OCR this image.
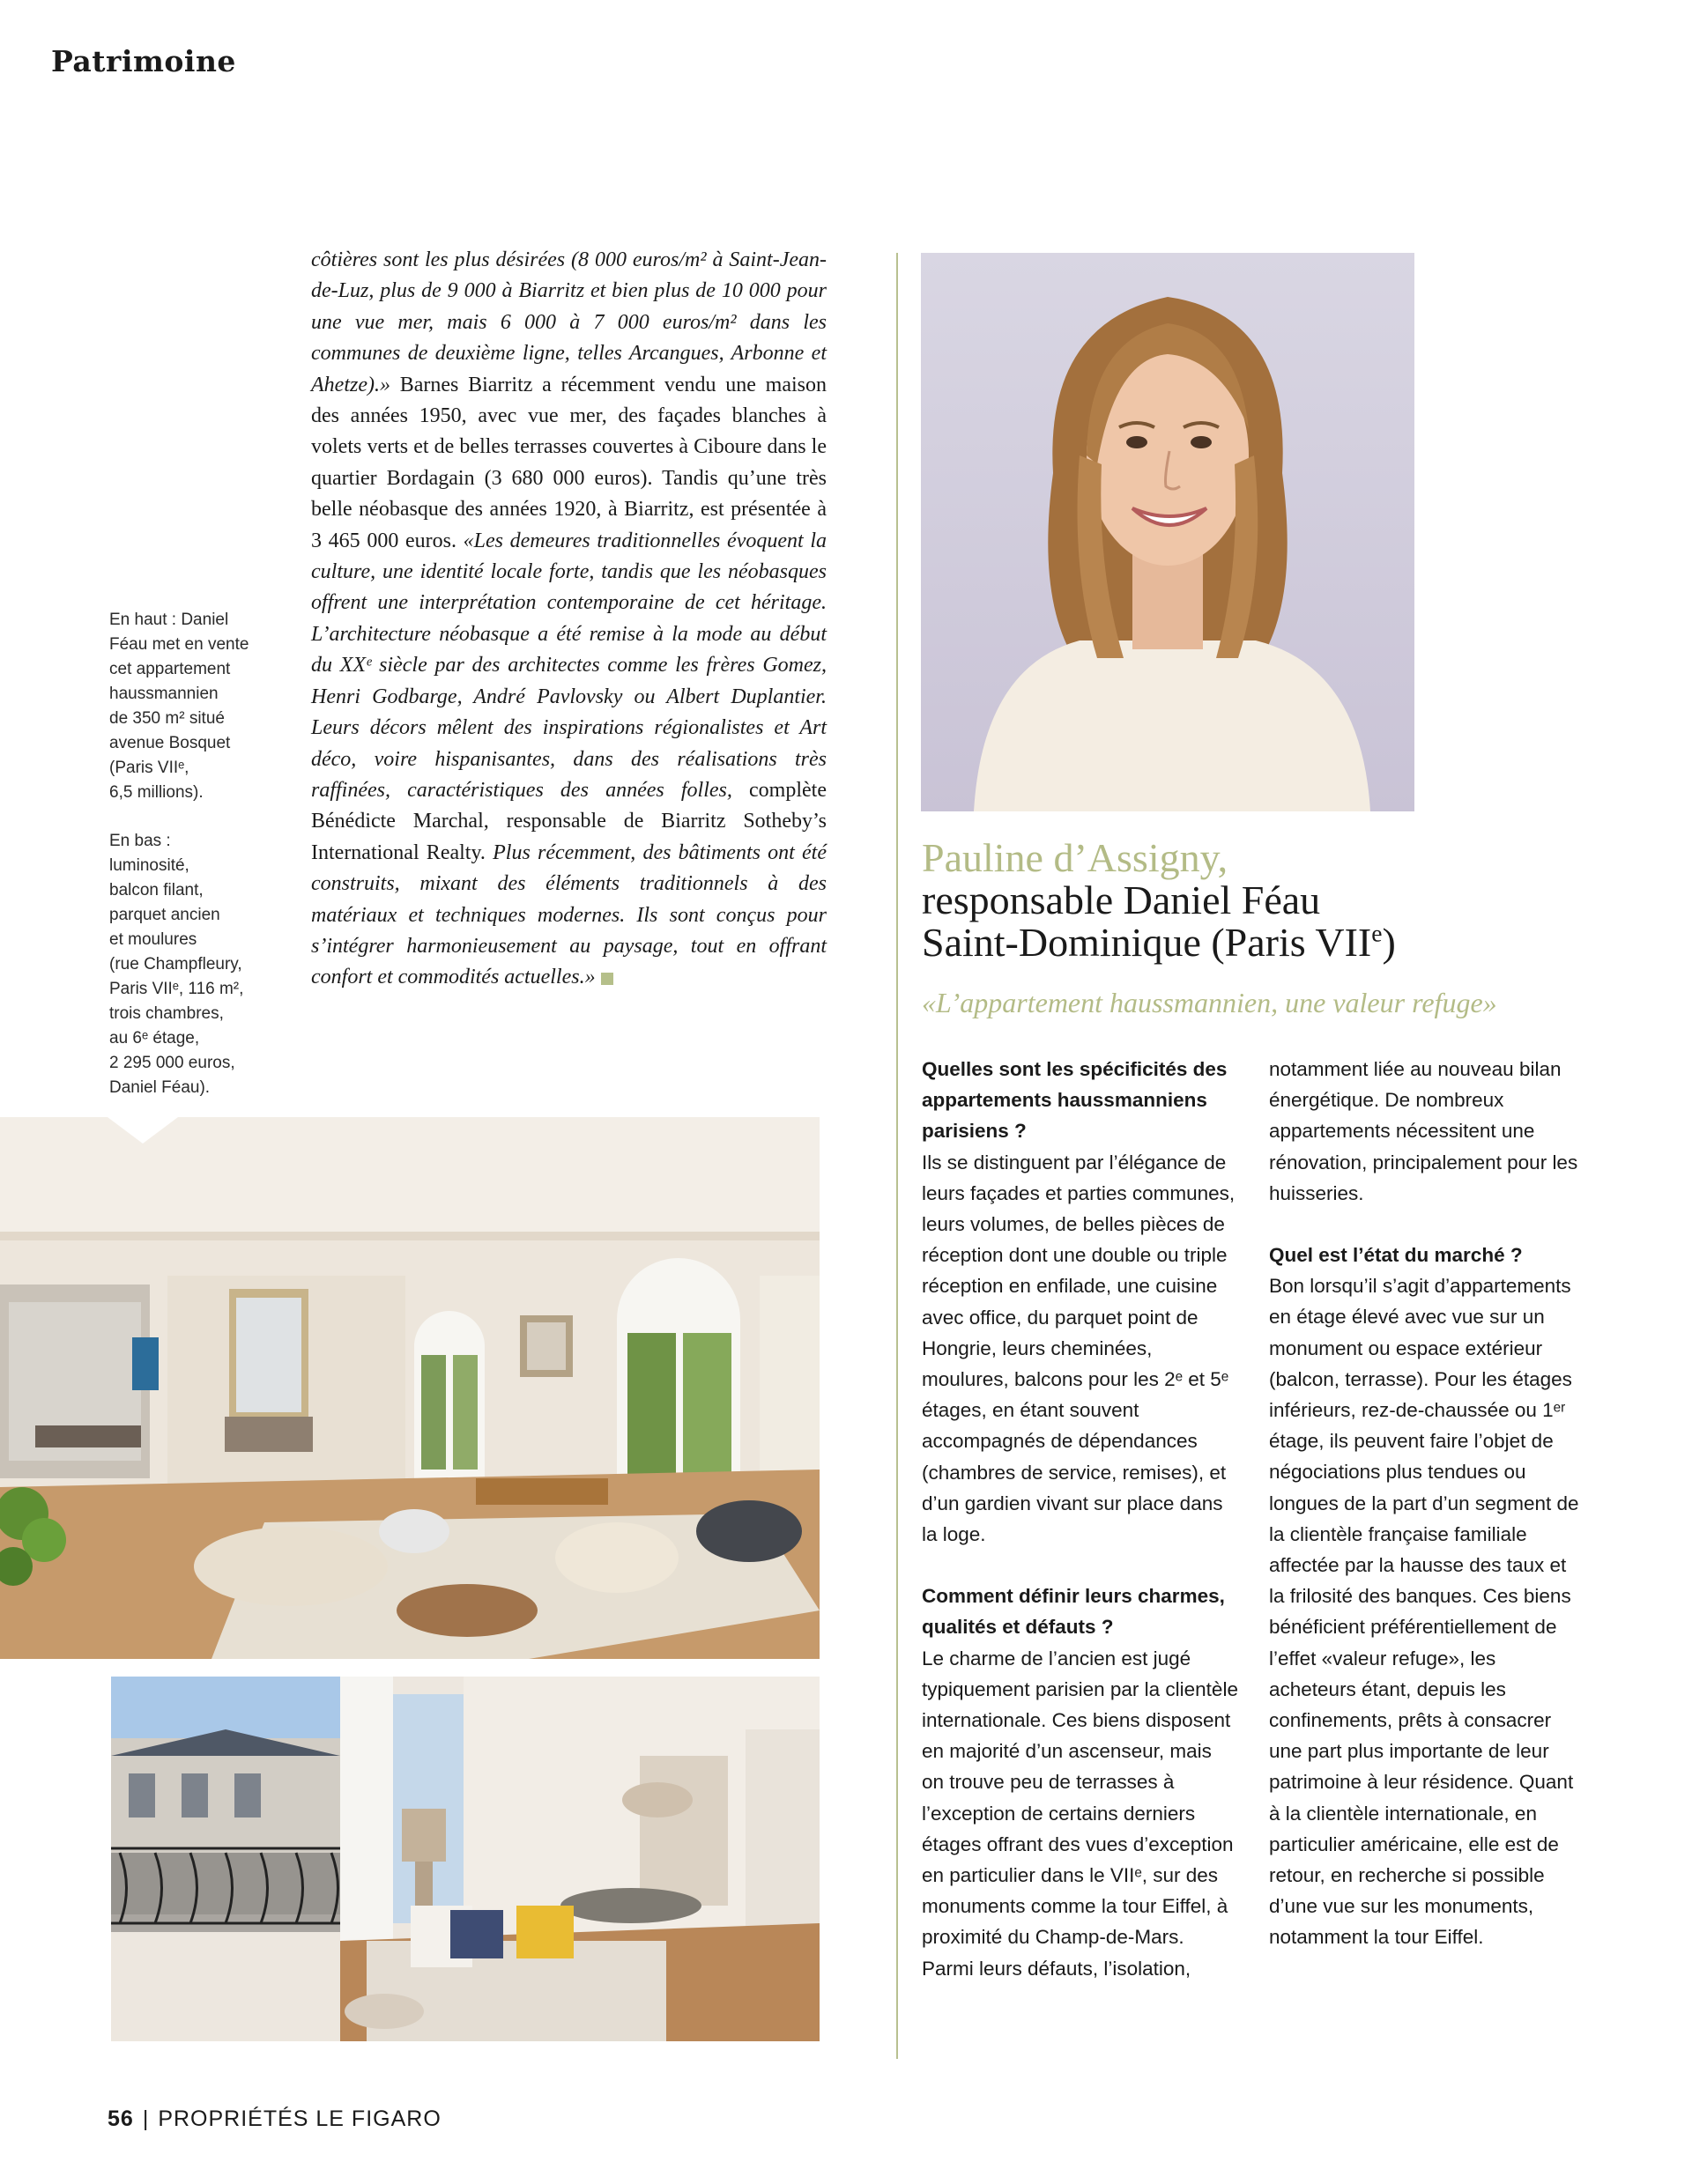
Patrimoine

côtières sont les plus désirées (8 000 euros/m² à Saint-Jean-de-Luz, plus de 9 000 à Biarritz et bien plus de 10 000 pour une vue mer, mais 6 000 à 7 000 euros/m² dans les communes de deuxième ligne, telles Arcangues, Arbonne et Ahetze).» Barnes Biarritz a récemment vendu une maison des années 1950, avec vue mer, des façades blanches à volets verts et de belles terrasses couvertes à Ciboure dans le quartier Bordagain (3 680 000 euros). Tandis qu’une très belle néobasque des années 1920, à Biarritz, est présentée à 3 465 000 euros. «Les demeures traditionnelles évoquent la culture, une identité locale forte, tandis que les néobasques offrent une interprétation contemporaine de cet héritage. L’architecture néobasque a été remise à la mode au début du XXᵉ siècle par des architectes comme les frères Gomez, Henri Godbarge, André Pavlovsky ou Albert Duplantier. Leurs décors mêlent des inspirations régionalistes et Art déco, voire hispanisantes, dans des réalisations très raffinées, caractéristiques des années folles, complète Bénédicte Marchal, responsable de Biarritz Sotheby’s International Realty. Plus récemment, des bâtiments ont été construits, mixant des éléments traditionnels à des matériaux et techniques modernes. Ils sont conçus pour s’intégrer harmonieusement au paysage, tout en offrant confort et commodités actuelles.»

En haut : Daniel
Féau met en vente
cet appartement
haussmannien
de 350 m² situé
avenue Bosquet
(Paris VIIᵉ,
6,5 millions).

En bas :
luminosité,
balcon filant,
parquet ancien
et moulures
(rue Champfleury,
Paris VIIᵉ, 116 m²,
trois chambres,
au 6ᵉ étage,
2 295 000 euros,
Daniel Féau).

Pauline d’Assigny,
responsable Daniel Féau
Saint-Dominique (Paris VIIe)
«L’appartement haussmannien, une valeur refuge»

Quelles sont les spécificités des appartements haussmanniens parisiens ?

Ils se distinguent par l’élégance de leurs façades et parties communes, leurs volumes, de belles pièces de réception dont une double ou triple réception en enfilade, une cuisine avec office, du parquet point de Hongrie, leurs cheminées, moulures, balcons pour les 2ᵉ et 5ᵉ étages, en étant souvent accompagnés de dépendances (chambres de service, remises), et d’un gardien vivant sur place dans la loge.

Comment définir leurs charmes, qualités et défauts ?

Le charme de l’ancien est jugé typiquement parisien par la clientèle internationale. Ces biens disposent en majorité d’un ascenseur, mais on trouve peu de terrasses à l’exception de certains derniers étages offrant des vues d’exception en particulier dans le VIIᵉ, sur des monuments comme la tour Eiffel, à proximité du Champ-de-Mars. Parmi leurs défauts, l’isolation,

notamment liée au nouveau bilan énergétique. De nombreux appartements nécessitent une rénovation, principalement pour les huisseries.

Quel est l’état du marché ?

Bon lorsqu’il s’agit d’appartements en étage élevé avec vue sur un monument ou espace extérieur (balcon, terrasse). Pour les étages inférieurs, rez-de-chaussée ou 1ᵉʳ étage, ils peuvent faire l’objet de négociations plus tendues ou longues de la part d’un segment de la clientèle française familiale affectée par la hausse des taux et la frilosité des banques. Ces biens bénéficient préférentiellement de l’effet «valeur refuge», les acheteurs étant, depuis les confinements, prêts à consacrer une part plus importante de leur patrimoine à leur résidence. Quant à la clientèle internationale, en particulier américaine, elle est de retour, en recherche si possible d’une vue sur les monuments, notamment la tour Eiffel.

56 | PROPRIÉTÉS LE FIGARO
